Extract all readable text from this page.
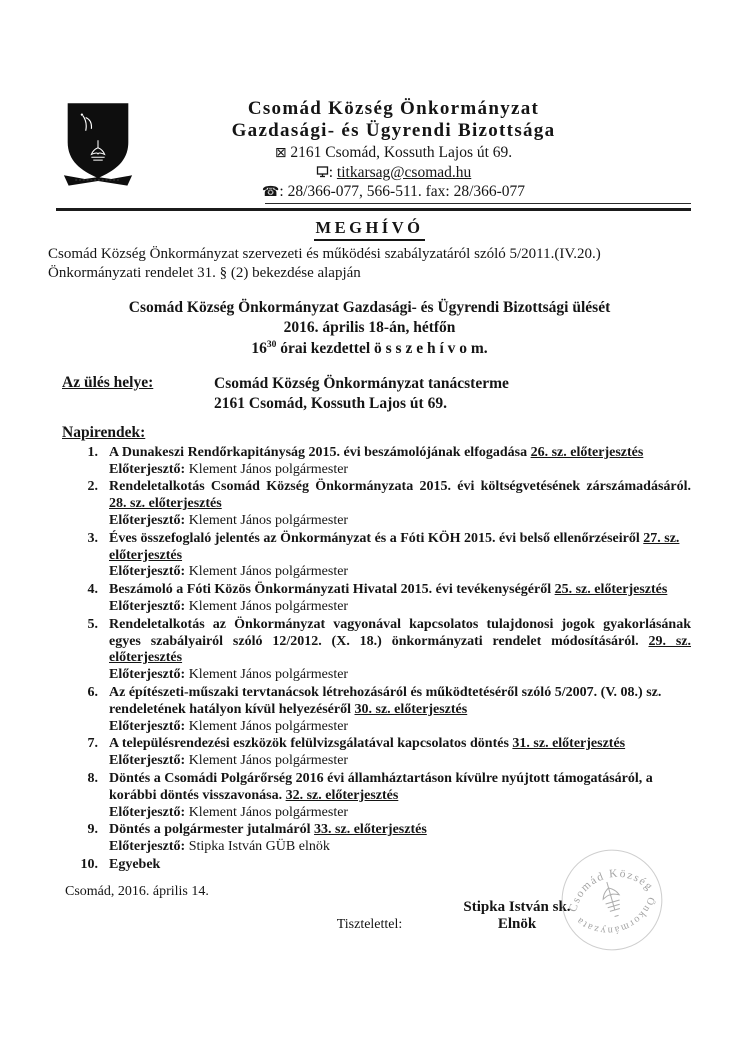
Csomád Község Önkormányzat
Gazdasági- és Ügyrendi Bizottsága
⊠ 2161 Csomád, Kossuth Lajos út 69.
: titkarsag@csomad.hu
☎: 28/366-077, 566-511. fax: 28/366-077
MEGHÍVÓ
Csomád Község Önkormányzat szervezeti és működési szabályzatáról szóló 5/2011.(IV.20.) Önkormányzati rendelet 31. § (2) bekezdése alapján
Csomád Község Önkormányzat Gazdasági- és Ügyrendi Bizottsági ülését
2016. április 18-án, hétfőn
$16^{30}$ órai kezdettel ö s s z e h í v o m.
Az ülés helye:	Csomád Község Önkormányzat tanácsterme
2161 Csomád, Kossuth Lajos út 69.
Napirendek:
1. A Dunakeszi Rendőrkapitányság 2015. évi beszámolójának elfogadása 26. sz. előterjesztés
Előterjesztő: Klement János polgármester
2. Rendeletalkotás Csomád Község Önkormányzata 2015. évi költségvetésének zárszámadásáról. 28. sz. előterjesztés
Előterjesztő: Klement János polgármester
3. Éves összefoglaló jelentés az Önkormányzat és a Fóti KÖH 2015. évi belső ellenőrzéseiről 27. sz. előterjesztés
Előterjesztő: Klement János polgármester
4. Beszámoló a Fóti Közös Önkormányzati Hivatal 2015. évi tevékenységéről 25. sz. előterjesztés
Előterjesztő: Klement János polgármester
5. Rendeletalkotás az Önkormányzat vagyonával kapcsolatos tulajdonosi jogok gyakorlásának egyes szabályairól szóló 12/2012. (X. 18.) önkormányzati rendelet módosításáról. 29. sz. előterjesztés
Előterjesztő: Klement János polgármester
6. Az építészeti-műszaki tervtanácsok létrehozásáról és működtetéséről szóló 5/2007. (V. 08.) sz. rendeletének hatályon kívül helyezéséről 30. sz. előterjesztés
Előterjesztő: Klement János polgármester
7. A településrendezési eszközök felülvizsgálatával kapcsolatos döntés 31. sz. előterjesztés
Előterjesztő: Klement János polgármester
8. Döntés a Csomádi Polgárőrség 2016 évi államháztartáson kívülre nyújtott támogatásáról, a korábbi döntés visszavonása. 32. sz. előterjesztés
Előterjesztő: Klement János polgármester
9. Döntés a polgármester jutalmáról 33. sz. előterjesztés
Előterjesztő: Stipka István GÜB elnök
10. Egyebek
Csomád, 2016. április 14.
Tisztelettel:
Stipka István sk.
Elnök
Csomád Község
Önkormányzata
